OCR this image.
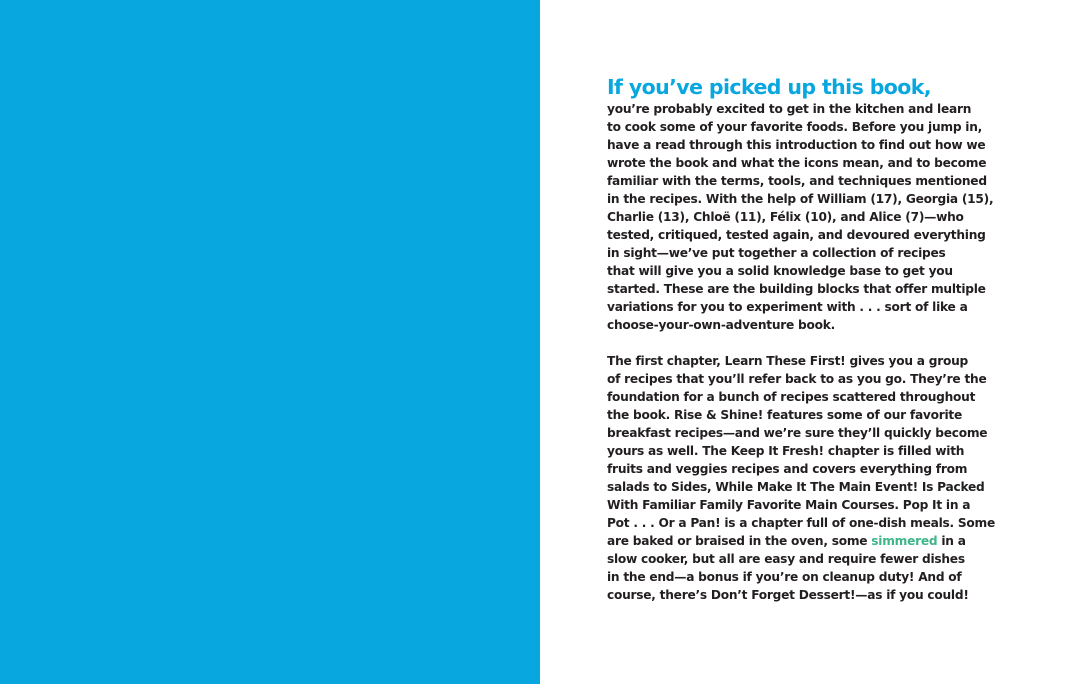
If you’ve picked up this book,
you’re probably excited to get in the kitchen and learn
to cook some of your favorite foods. Before you jump in,
have a read through this introduction to find out how we
wrote the book and what the icons mean, and to become
familiar with the terms, tools, and techniques mentioned
in the recipes. With the help of William (17), Georgia (15),
Charlie (13), Chloë (11), Félix (10), and Alice (7)—who
tested, critiqued, tested again, and devoured everything
in sight—we’ve put together a collection of recipes
that will give you a solid knowledge base to get you
started. These are the building blocks that offer multiple
variations for you to experiment with . . . sort of like a
choose-your-own-adventure book.
The first chapter, Learn These First! gives you a group
of recipes that you’ll refer back to as you go. They’re the
foundation for a bunch of recipes scattered throughout
the book. Rise & Shine! features some of our favorite
breakfast recipes—and we’re sure they’ll quickly become
yours as well. The Keep It Fresh! chapter is filled with
fruits and veggies recipes and covers everything from
salads to Sides, While Make It The Main Event! Is Packed
With Familiar Family Favorite Main Courses. Pop It in a
Pot . . . Or a Pan! is a chapter full of one-dish meals. Some
are baked or braised in the oven, some simmered in a
slow cooker, but all are easy and require fewer dishes
in the end—a bonus if you’re on cleanup duty! And of
course, there’s Don’t Forget Dessert!—as if you could!
